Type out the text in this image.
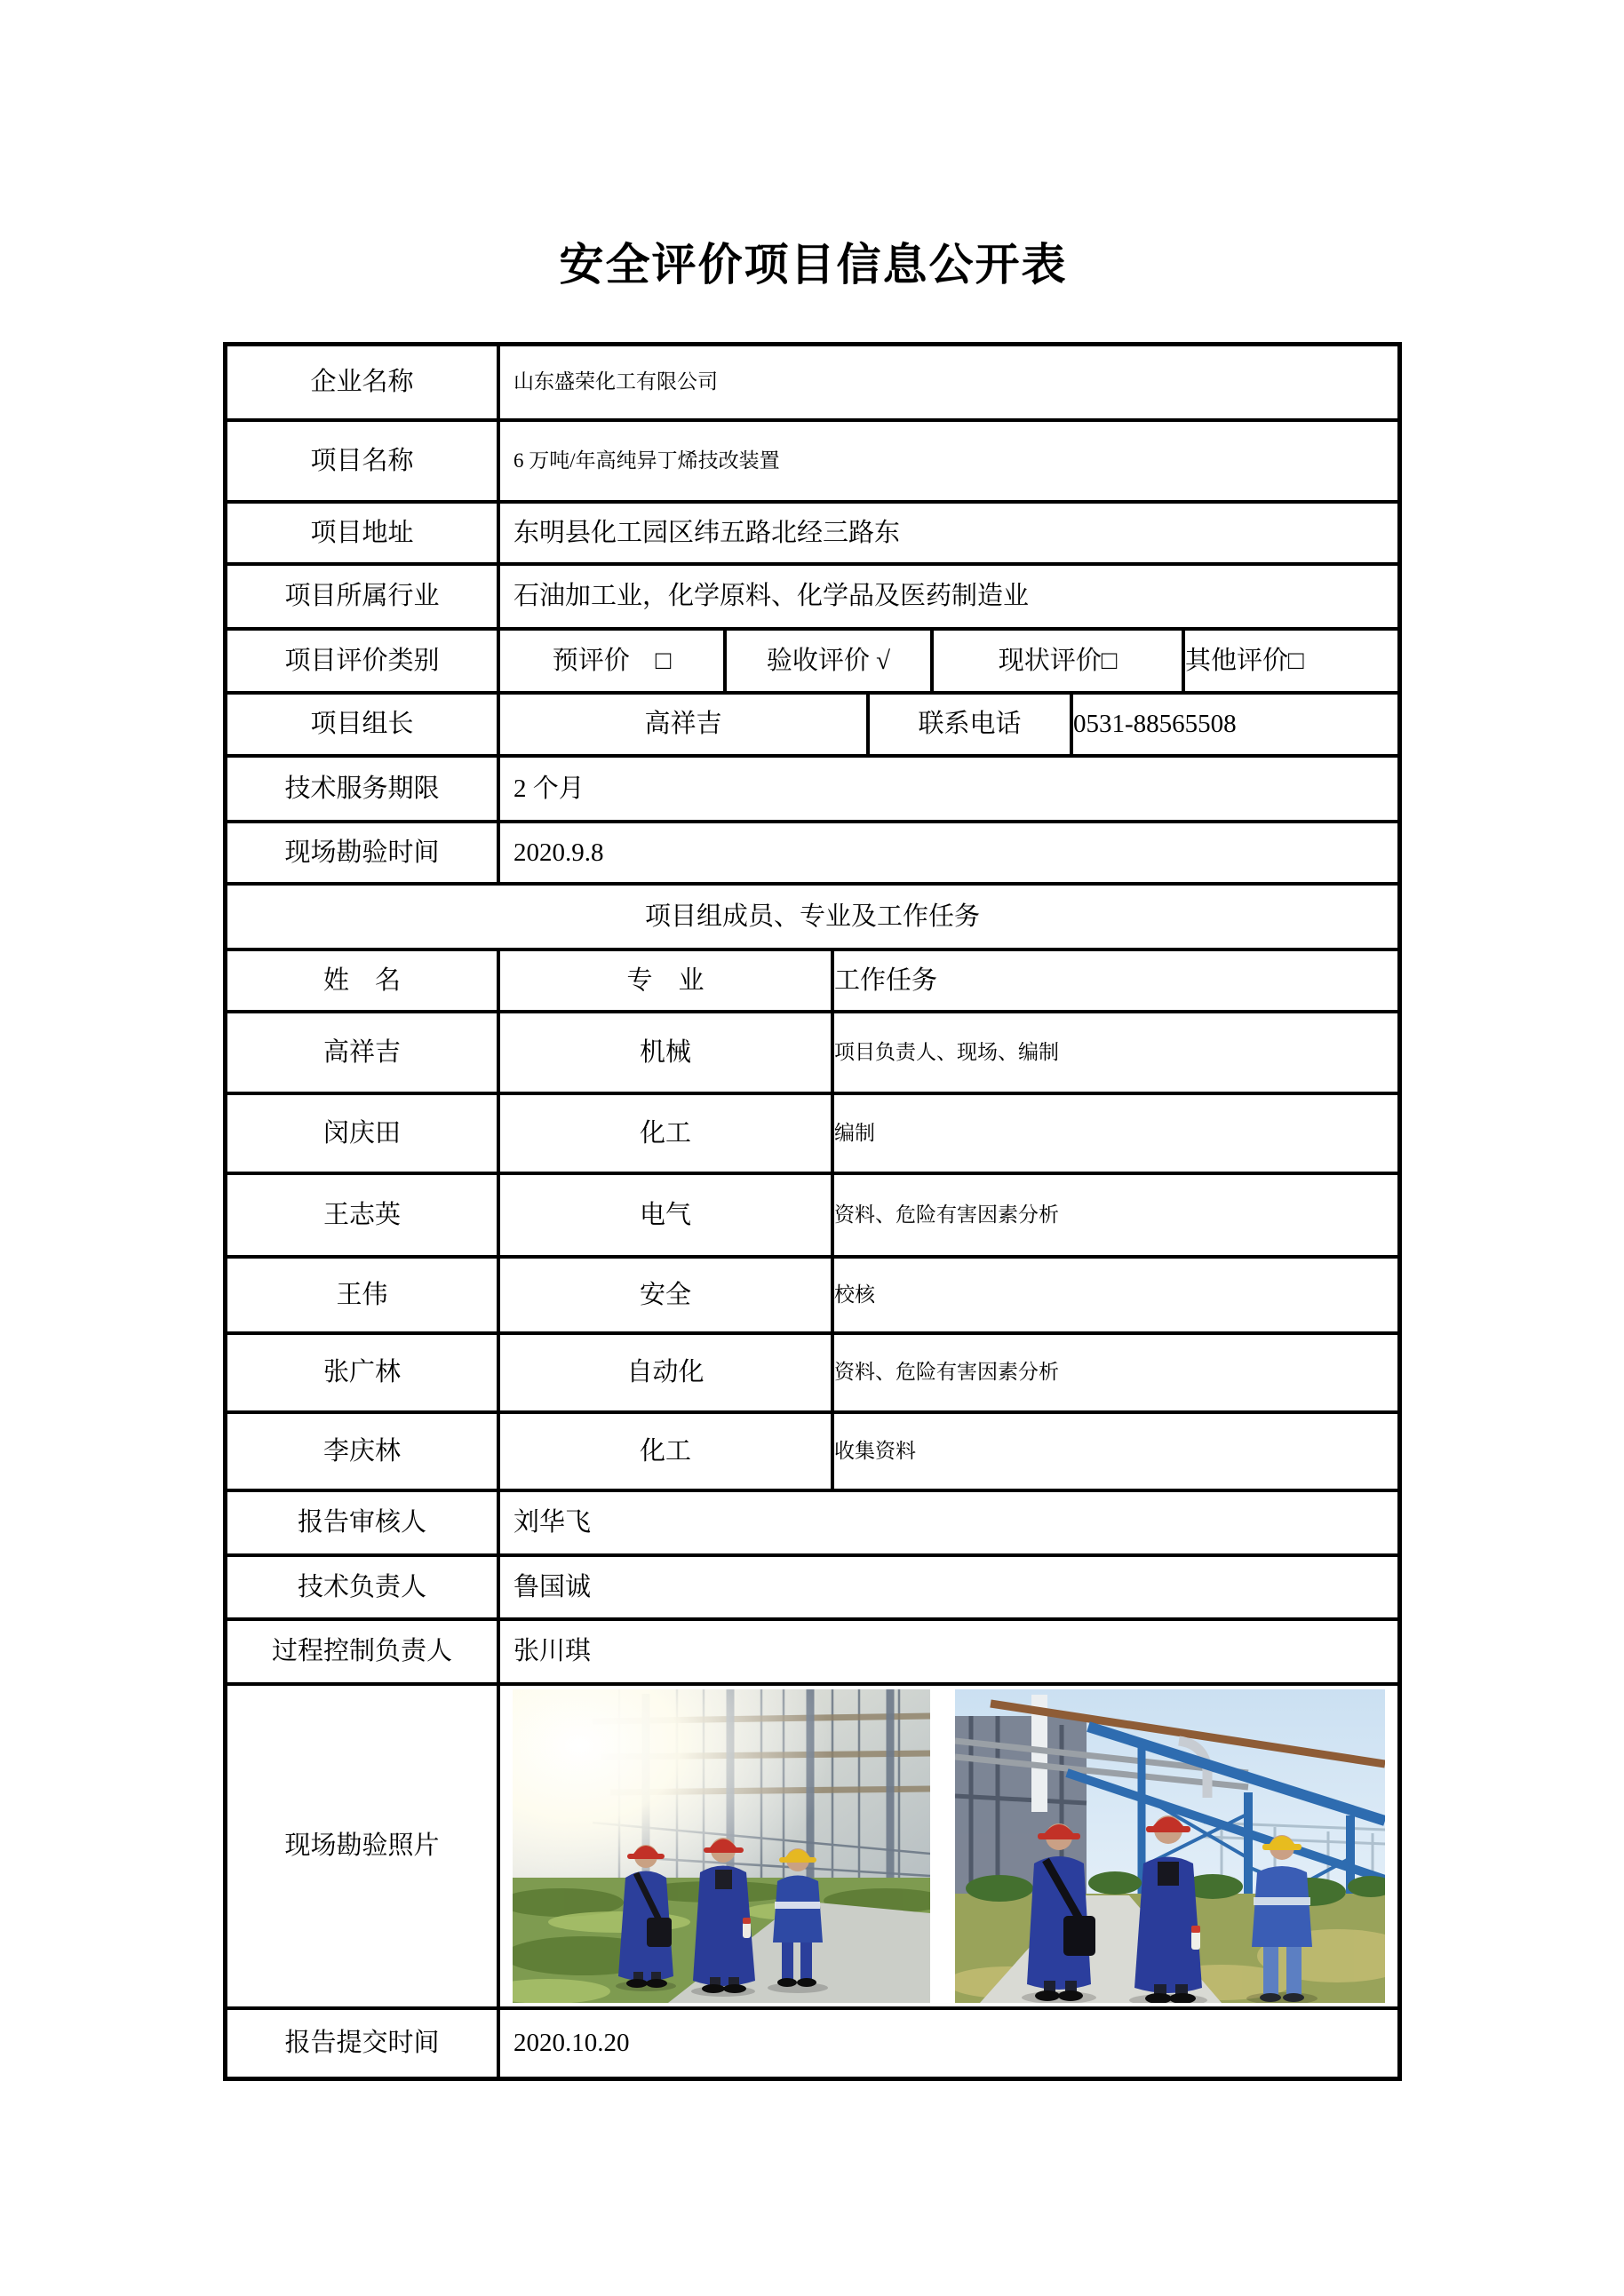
安全评价项目信息公开表
企业名称	山东盛荣化工有限公司
项目名称	6 万吨/年高纯异丁烯技改装置
项目地址	东明县化工园区纬五路北经三路东
项目所属行业	石油加工业，化学原料、化学品及医药制造业
项目评价类别	预评价　□	验收评价 √	现状评价□	其他评价□
项目组长	高祥吉	联系电话	0531-88565508
技术服务期限	2 个月
现场勘验时间	2020.9.8
项目组成员、专业及工作任务
姓　名	专　业	工作任务
高祥吉	机械	项目负责人、现场、编制
闵庆田	化工	编制
王志英	电气	资料、危险有害因素分析
王伟	安全	校核
张广林	自动化	资料、危险有害因素分析
李庆林	化工	收集资料
报告审核人	刘华飞
技术负责人	鲁国诚
过程控制负责人	张川琪
现场勘验照片
报告提交时间	2020.10.20
